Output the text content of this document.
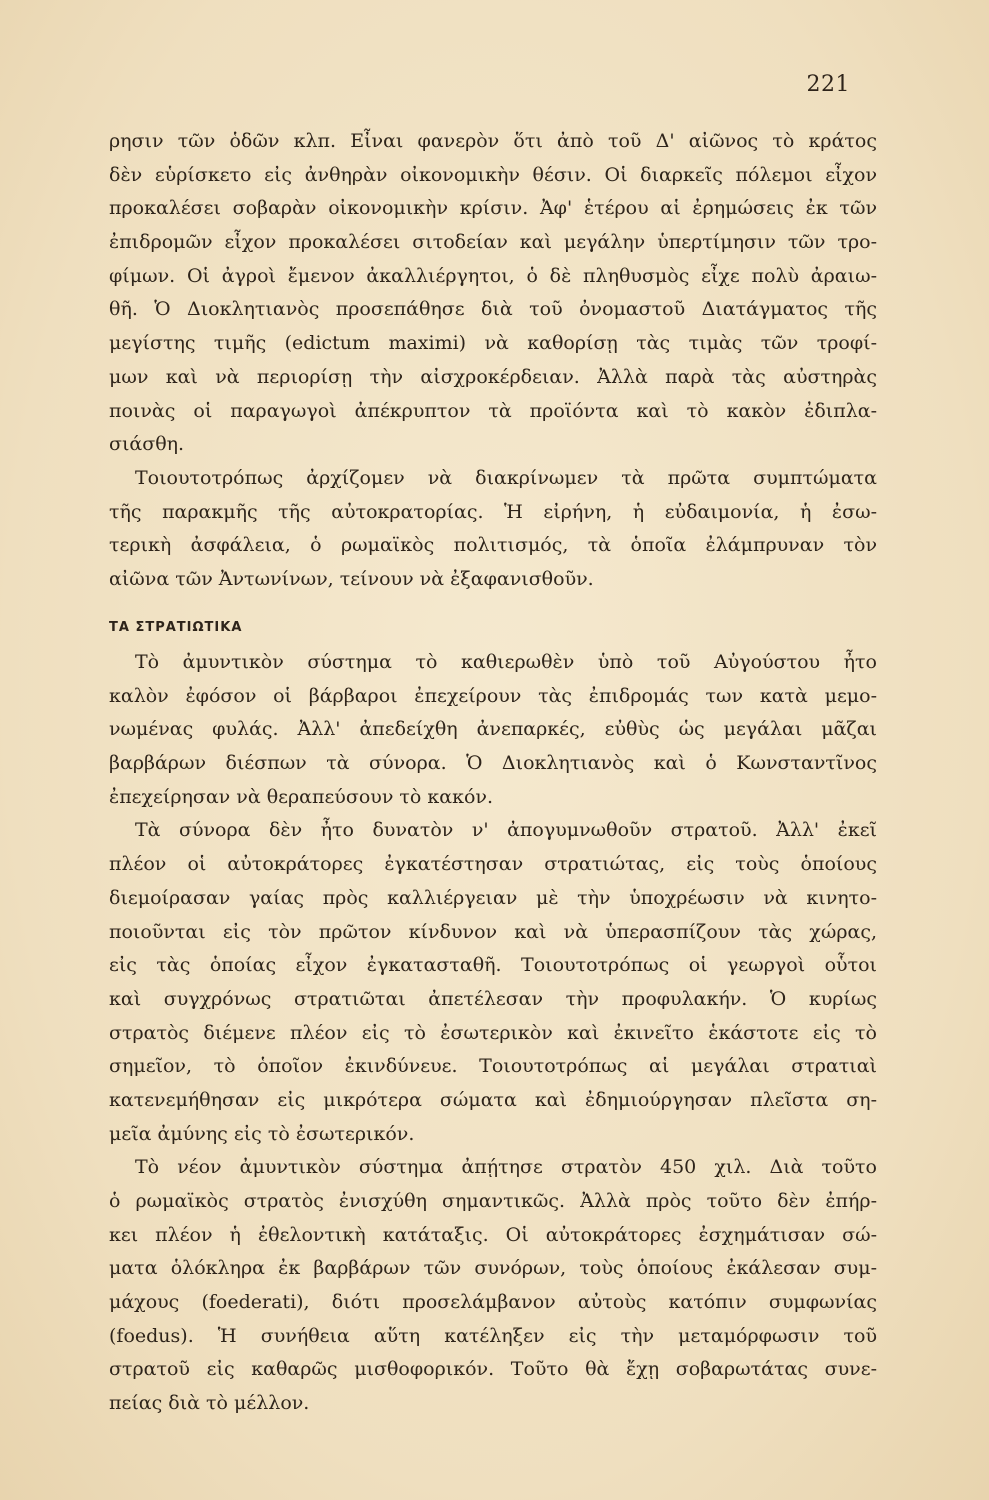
221
ρησιν τῶν ὁδῶν κλπ. Εἶναι φανερὸν ὅτι ἀπὸ τοῦ Δ' αἰῶνος τὸ κράτος
δὲν εὑρίσκετο εἰς ἀνθηρὰν οἰκονομικὴν θέσιν. Οἱ διαρκεῖς πόλεμοι εἶχον
προκαλέσει σοβαρὰν οἰκονομικὴν κρίσιν. Ἀφ' ἑτέρου αἱ ἐρημώσεις ἐκ τῶν
ἐπιδρομῶν εἶχον προκαλέσει σιτοδείαν καὶ μεγάλην ὑπερτίμησιν τῶν τρο-
φίμων. Οἱ ἀγροὶ ἔμενον ἀκαλλιέργητοι, ὁ δὲ πληθυσμὸς εἶχε πολὺ ἀραιω-
θῆ. Ὁ Διοκλητιανὸς προσεπάθησε διὰ τοῦ ὀνομαστοῦ Διατάγματος τῆς
μεγίστης τιμῆς (edictum maximi) νὰ καθορίσῃ τὰς τιμὰς τῶν τροφί-
μων καὶ νὰ περιορίσῃ τὴν αἰσχροκέρδειαν. Ἀλλὰ παρὰ τὰς αὐστηρὰς
ποινὰς οἱ παραγωγοὶ ἀπέκρυπτον τὰ προϊόντα καὶ τὸ κακὸν ἐδιπλα-
σιάσθη.
Τοιουτοτρόπως ἀρχίζομεν νὰ διακρίνωμεν τὰ πρῶτα συμπτώματα
τῆς παρακμῆς τῆς αὐτοκρατορίας. Ἡ εἰρήνη, ἡ εὐδαιμονία, ἡ ἐσω-
τερικὴ ἀσφάλεια, ὁ ρωμαϊκὸς πολιτισμός, τὰ ὁποῖα ἐλάμπρυναν τὸν
αἰῶνα τῶν Ἀντωνίνων, τείνουν νὰ ἐξαφανισθοῦν.
ΤΑ ΣΤΡΑΤΙΩΤΙΚΑ
Τὸ ἀμυντικὸν σύστημα τὸ καθιερωθὲν ὑπὸ τοῦ Αὐγούστου ἦτο
καλὸν ἐφόσον οἱ βάρβαροι ἐπεχείρουν τὰς ἐπιδρομάς των κατὰ μεμο-
νωμένας φυλάς. Ἀλλ' ἀπεδείχθη ἀνεπαρκές, εὐθὺς ὡς μεγάλαι μᾶζαι
βαρβάρων διέσπων τὰ σύνορα. Ὁ Διοκλητιανὸς καὶ ὁ Κωνσταντῖνος
ἐπεχείρησαν νὰ θεραπεύσουν τὸ κακόν.
Τὰ σύνορα δὲν ἦτο δυνατὸν ν' ἀπογυμνωθοῦν στρατοῦ. Ἀλλ' ἐκεῖ
πλέον οἱ αὐτοκράτορες ἐγκατέστησαν στρατιώτας, εἰς τοὺς ὁποίους
διεμοίρασαν γαίας πρὸς καλλιέργειαν μὲ τὴν ὑποχρέωσιν νὰ κινητο-
ποιοῦνται εἰς τὸν πρῶτον κίνδυνον καὶ νὰ ὑπερασπίζουν τὰς χώρας,
εἰς τὰς ὁποίας εἶχον ἐγκατασταθῆ. Τοιουτοτρόπως οἱ γεωργοὶ οὗτοι
καὶ συγχρόνως στρατιῶται ἀπετέλεσαν τὴν προφυλακήν. Ὁ κυρίως
στρατὸς διέμενε πλέον εἰς τὸ ἐσωτερικὸν καὶ ἐκινεῖτο ἑκάστοτε εἰς τὸ
σημεῖον, τὸ ὁποῖον ἐκινδύνευε. Τοιουτοτρόπως αἱ μεγάλαι στρατιαὶ
κατενεμήθησαν εἰς μικρότερα σώματα καὶ ἐδημιούργησαν πλεῖστα ση-
μεῖα ἀμύνης εἰς τὸ ἐσωτερικόν.
Τὸ νέον ἀμυντικὸν σύστημα ἀπῄτησε στρατὸν 450 χιλ. Διὰ τοῦτο
ὁ ρωμαϊκὸς στρατὸς ἐνισχύθη σημαντικῶς. Ἀλλὰ πρὸς τοῦτο δὲν ἐπήρ-
κει πλέον ἡ ἐθελοντικὴ κατάταξις. Οἱ αὐτοκράτορες ἐσχημάτισαν σώ-
ματα ὁλόκληρα ἐκ βαρβάρων τῶν συνόρων, τοὺς ὁποίους ἐκάλεσαν συμ-
μάχους (foederati), διότι προσελάμβανον αὐτοὺς κατόπιν συμφωνίας
(foedus). Ἡ συνήθεια αὕτη κατέληξεν εἰς τὴν μεταμόρφωσιν τοῦ
στρατοῦ εἰς καθαρῶς μισθοφορικόν. Τοῦτο θὰ ἔχῃ σοβαρωτάτας συνε-
πείας διὰ τὸ μέλλον.
